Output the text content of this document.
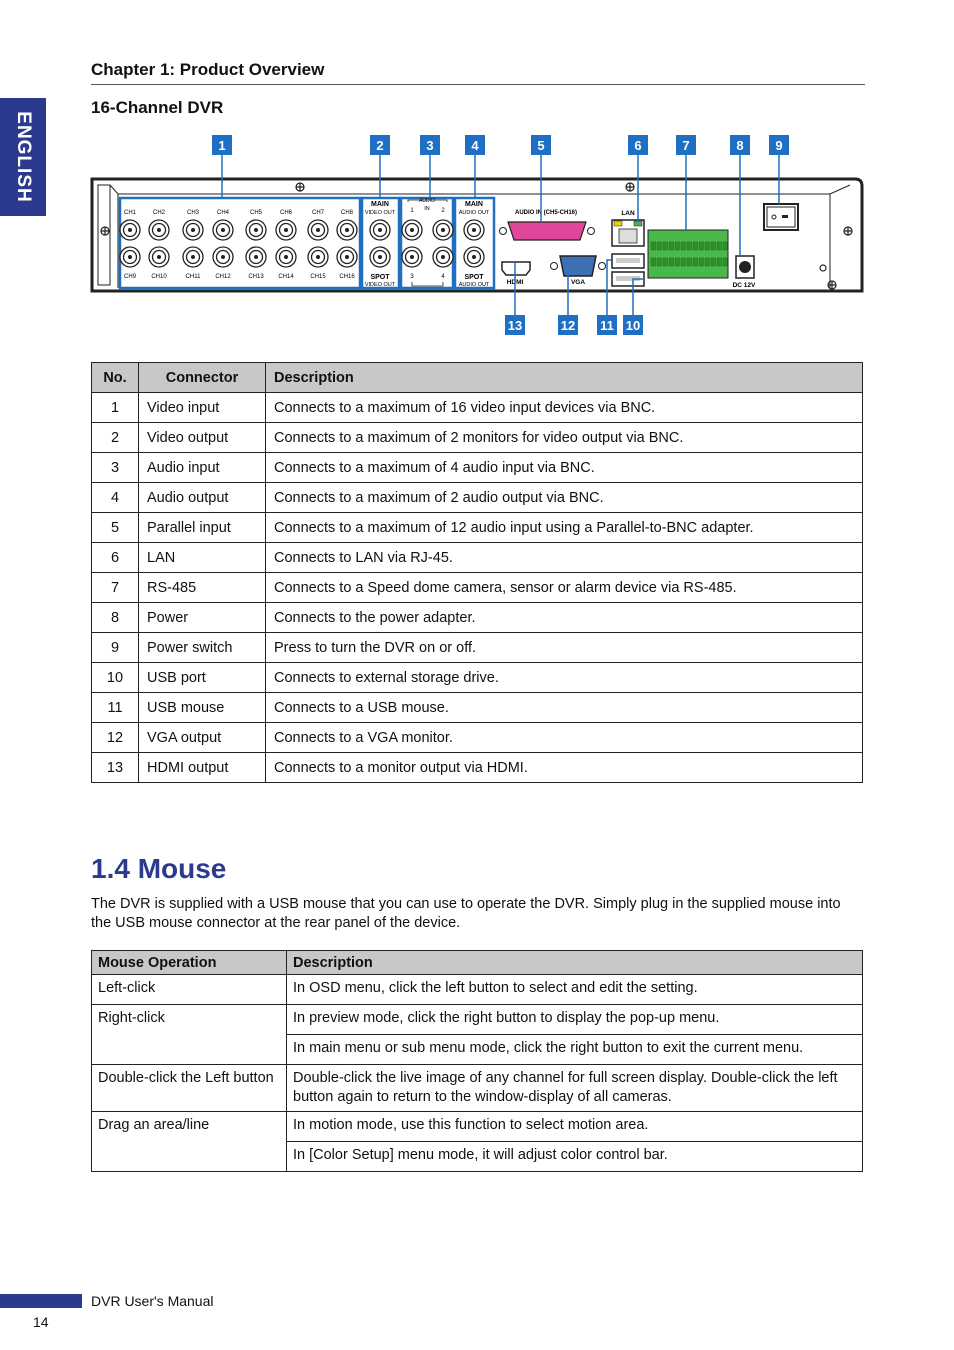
ENGLISH
Chapter 1: Product Overview
16-Channel DVR
CH1	CH2	CH3	CH4	CH5	CH6	CH7	CH8
CH9	CH10	CH11 CH12	CH13 CH14	CH15 CH16
MAIN
VIDEO OUT
SPOT
VIDEO OUT
AUDIO
IN
1	2
3	4
MAIN
AUDIO OUT
SPOT
AUDIO OUT
AUDIO IN (CH5-CH16)
HDMI	VGA
LAN
DC 12V
1	2	3	4	5	6	7	8 9
13	12 11 10
No.	Connector	Description
1	Video input	Connects to a maximum of 16 video input devices via BNC.
2	Video output	Connects to a maximum of 2 monitors for video output via BNC.
3	Audio input	Connects to a maximum of 4 audio input via BNC.
4	Audio output	Connects to a maximum of 2 audio output via BNC.
5	Parallel input	Connects to a maximum of 12 audio input using a Parallel-to-BNC adapter.
6	LAN	Connects to LAN via RJ-45.
7	RS-485	Connects to a Speed dome camera, sensor or alarm device via RS-485.
8	Power	Connects to the power adapter.
9	Power switch	Press to turn the DVR on or off.
10	USB port	Connects to external storage drive.
11	USB mouse	Connects to a USB mouse.
12	VGA output	Connects to a VGA monitor.
13	HDMI output	Connects to a monitor output via HDMI.
1.4 Mouse
The DVR is supplied with a USB mouse that you can use to operate the DVR. Simply plug in the supplied mouse into the USB mouse connector at the rear panel of the device.
Mouse Operation	Description
Left-click	In OSD menu, click the left button to select and edit the setting.
Right-click	In preview mode, click the right button to display the pop-up menu.
	In main menu or sub menu mode, click the right button to exit the current menu.
Double-click the Left button	Double-click the live image of any channel for full screen display. Double-click the left button again to return to the window-display of all cameras.
Drag an area/line	In motion mode, use this function to select motion area.
	In [Color Setup] menu mode, it will adjust color control bar.
DVR User's Manual
14
